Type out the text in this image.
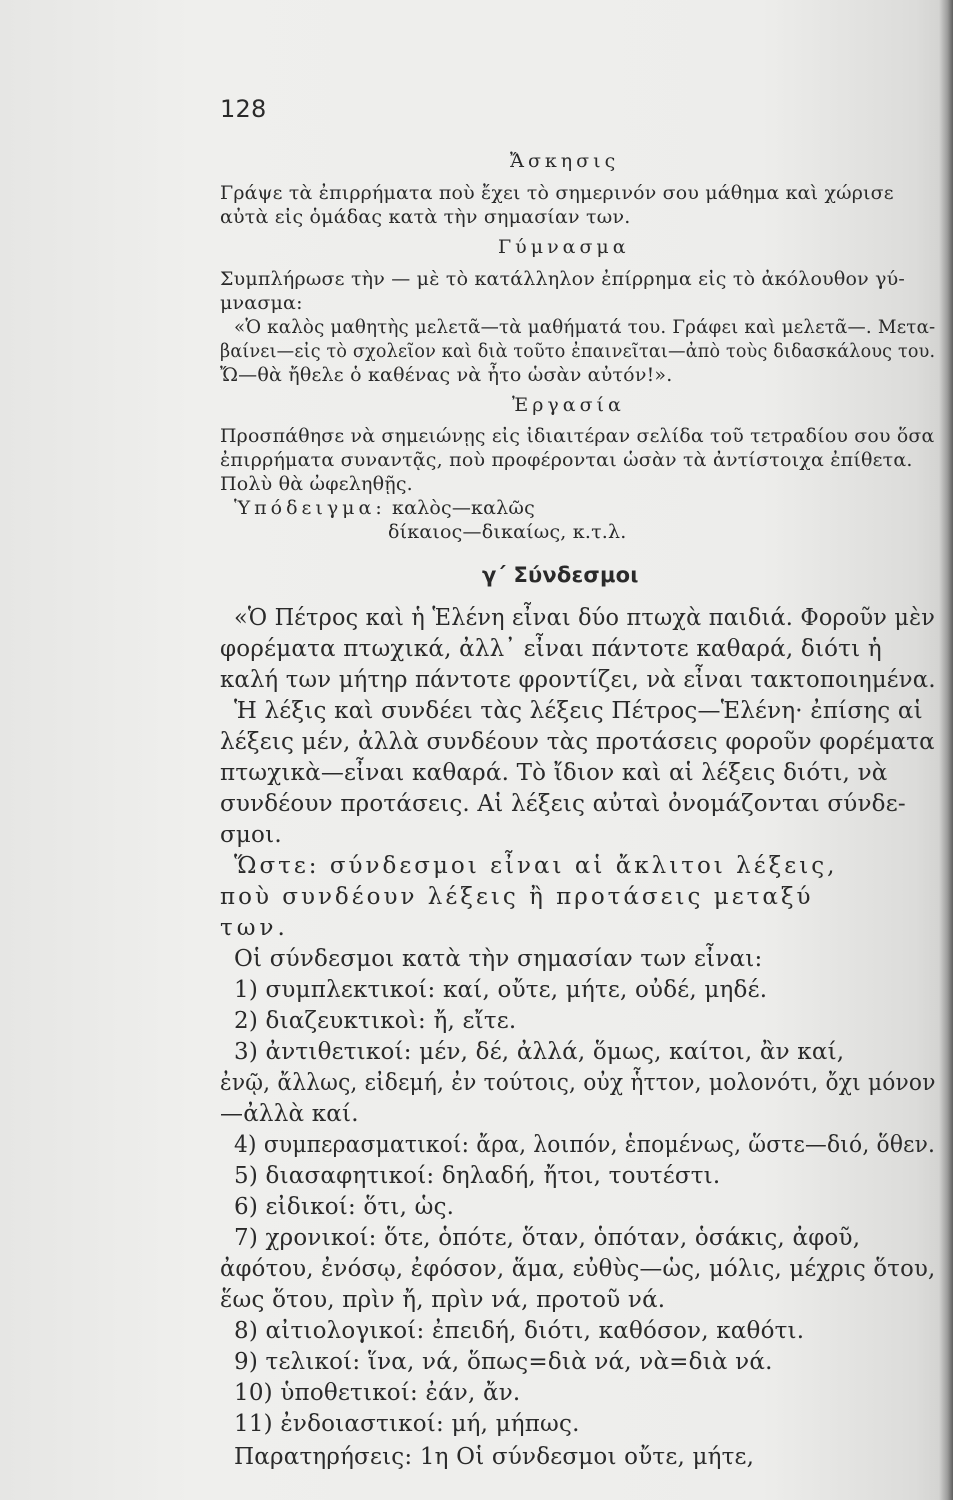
128
Ἄσκησις
Γράψε τὰ ἐπιρρήματα ποὺ ἔχει τὸ σημερινόν σου μάθημα καὶ χώρισε
αὐτὰ εἰς ὁμάδας κατὰ τὴν σημασίαν των.
Γύμνασμα
Συμπλήρωσε τὴν — μὲ τὸ κατάλληλον ἐπίρρημα εἰς τὸ ἀκόλουθον γύ-
μνασμα:
«Ὁ καλὸς μαθητὴς μελετᾶ—τὰ μαθήματά του. Γράφει καὶ μελετᾶ—. Μετα-
βαίνει—εἰς τὸ σχολεῖον καὶ διὰ τοῦτο ἐπαινεῖται—ἀπὸ τοὺς διδασκάλους του.
Ὤ—θὰ ἤθελε ὁ καθένας νὰ ἦτο ὡσὰν αὐτόν!».
Ἐργασία
Προσπάθησε νὰ σημειώνῃς εἰς ἰδιαιτέραν σελίδα τοῦ τετραδίου σου ὅσα
ἐπιρρήματα συναντᾷς, ποὺ προφέρονται ὡσὰν τὰ ἀντίστοιχα ἐπίθετα.
Πολὺ θὰ ὠφεληθῇς.
Ὑπόδειγμα: καλὸς—καλῶς
δίκαιος—δικαίως, κ.τ.λ.
γ΄ Σύνδεσμοι
«Ὁ Πέτρος καὶ ἡ Ἑλένη εἶναι δύο πτωχὰ παιδιά. Φοροῦν μὲν
φορέματα πτωχικά, ἀλλ᾽ εἶναι πάντοτε καθαρά, διότι ἡ
καλή των μήτηρ πάντοτε φροντίζει, νὰ εἶναι τακτοποιημένα.
Ἡ λέξις καὶ συνδέει τὰς λέξεις Πέτρος—Ἑλένη· ἐπίσης αἱ
λέξεις μέν, ἀλλὰ συνδέουν τὰς προτάσεις φοροῦν φορέματα
πτωχικὰ—εἶναι καθαρά. Τὸ ἴδιον καὶ αἱ λέξεις διότι, νὰ
συνδέουν προτάσεις. Αἱ λέξεις αὐταὶ ὀνομάζονται σύνδε-
σμοι.
Ὥστε: σύνδεσμοι εἶναι αἱ ἄκλιτοι λέξεις,
ποὺ συνδέουν λέξεις ἢ προτάσεις μεταξύ
των.
Οἱ σύνδεσμοι κατὰ τὴν σημασίαν των εἶναι:
1) συμπλεκτικοί: καί, οὔτε, μήτε, οὐδέ, μηδέ.
2) διαζευκτικοὶ: ἤ, εἴτε.
3) ἀντιθετικοί: μέν, δέ, ἀλλά, ὅμως, καίτοι, ἂν καί,
ἐνῷ, ἄλλως, εἰδεμή, ἐν τούτοις, οὐχ ἧττον, μολονότι, ὄχι μόνον
—ἀλλὰ καί.
4) συμπερασματικοί: ἄρα, λοιπόν, ἑπομένως, ὥστε—διό, ὅθεν.
5) διασαφητικοί: δηλαδή, ἤτοι, τουτέστι.
6) εἰδικοί: ὅτι, ὡς.
7) χρονικοί: ὅτε, ὁπότε, ὅταν, ὁπόταν, ὁσάκις, ἀφοῦ,
ἀφότου, ἐνόσῳ, ἐφόσον, ἅμα, εὐθὺς—ὡς, μόλις, μέχρις ὅτου,
ἕως ὅτου, πρὶν ἤ, πρὶν νά, προτοῦ νά.
8) αἰτιολογικοί: ἐπειδή, διότι, καθόσον, καθότι.
9) τελικοί: ἵνα, νά, ὅπως=διὰ νά, νὰ=διὰ νά.
10) ὑποθετικοί: ἐάν, ἄν.
11) ἐνδοιαστικοί: μή, μήπως.
Παρατηρήσεις: 1η Οἱ σύνδεσμοι οὔτε, μήτε,
